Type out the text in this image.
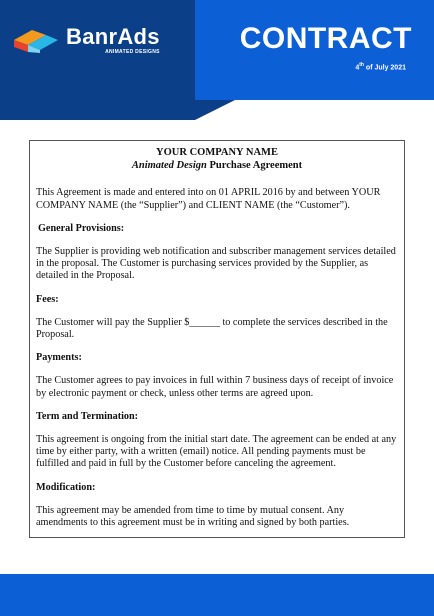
BanrAds
ANIMATED DESIGNS	CONTRACT
4th of July 2021
YOUR COMPANY NAME
Animated Design Purchase Agreement
This Agreement is made and entered into on 01 APRIL 2016 by and between YOUR COMPANY NAME (the “Supplier”) and CLIENT NAME (the “Customer”).
General Provisions:
The Supplier is providing web notification and subscriber management services detailed in the proposal. The Customer is purchasing services provided by the Supplier, as detailed in the Proposal.
Fees:
The Customer will pay the Supplier $______ to complete the services described in the Proposal.
Payments:
The Customer agrees to pay invoices in full within 7 business days of receipt of invoice by electronic payment or check, unless other terms are agreed upon.
Term and Termination:
This agreement is ongoing from the initial start date. The agreement can be ended at any time by either party, with a written (email) notice. All pending payments must be fulfilled and paid in full by the Customer before canceling the agreement.
Modification:
This agreement may be amended from time to time by mutual consent. Any amendments to this agreement must be in writing and signed by both parties.
